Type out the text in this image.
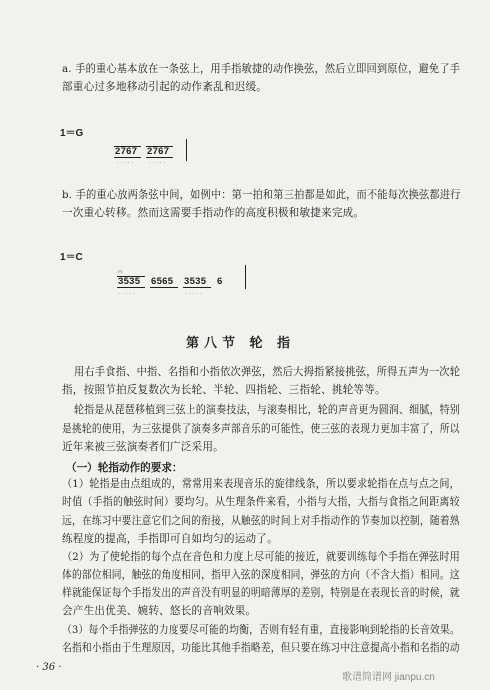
a. 手的重心基本放在一条弦上，用手指敏捷的动作换弦，然后立即回到原位，避免了手
部重心过多地移动引起的动作紊乱和迟缓。
1＝G
2767
·····
2767
·····
b. 手的重心放两条弦中间，如例中：第一拍和第三拍都是如此，而不能每次换弦都进行
一次重心转移。然而这需要手指动作的高度积极和敏捷来完成。
1＝C
∩
3535
·····
6565 3535
·····
6
第八节 轮 指
用右手食指、中指、名指和小指依次弹弦，然后大拇指紧接挑弦，所得五声为一次轮
指，按照节拍反复数次为长轮、半轮、四指轮、三指轮、挑轮等等。
轮指是从琵琶移植到三弦上的演奏技法，与滚奏相比，轮的声音更为圆润、细腻，特别
是挑轮的使用，为三弦提供了演奏多声部音乐的可能性，使三弦的表现力更加丰富了，所以
近年来被三弦演奏者们广泛采用。
（一）轮指动作的要求：
（1）轮指是由点组成的，常常用来表现音乐的旋律线条，所以要求轮指在点与点之间，
时值（手指的触弦时间）要均匀。从生理条件来看，小指与大指，大指与食指之间距离较
远，在练习中要注意它们之间的衔接，从触弦的时间上对手指动作的节奏加以控制，随着熟
练程度的提高，手指即可自如均匀的运动了。
（2）为了使轮指的每个点在音色和力度上尽可能的接近，就要训练每个手指在弹弦时用
体的部位相同，触弦的角度相同，指甲入弦的深度相同，弹弦的方向（不含大指）相同。这
样就能保证每个手指发出的声音没有明显的明暗薄厚的差别，特别是在表现长音的时候，就
会产生出优美、婉转、悠长的音响效果。
（3）每个手指弹弦的力度要尽可能的均衡，否则有轻有重，直接影响到轮指的长音效果。
名指和小指由于生理原因，功能比其他手指略差，但只要在练习中注意提高小指和名指的动
· 36 ·
歌谱简谱网 jianpu.cn
